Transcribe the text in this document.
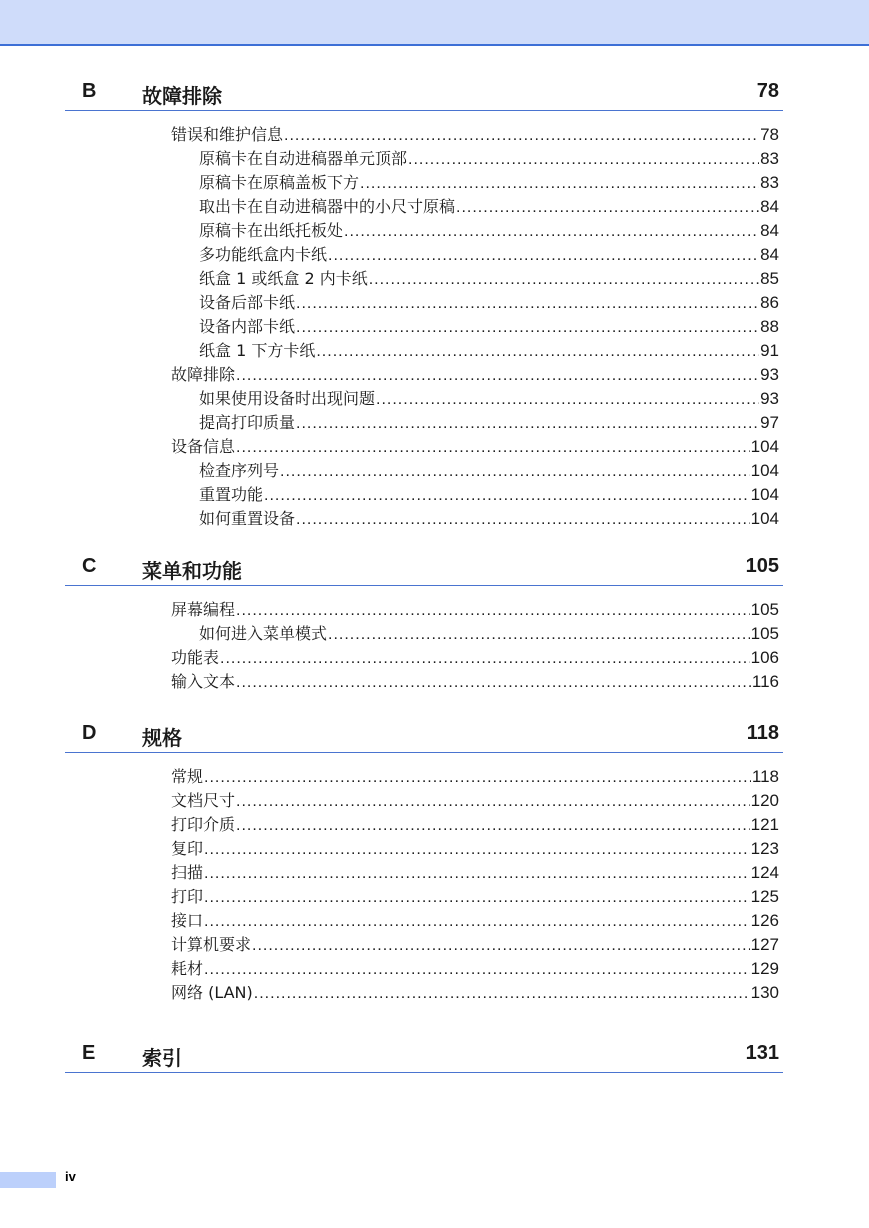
B 故障排除	78
错误和维护信息 .....	78
原稿卡在自动进稿器单元顶部 .....	83
原稿卡在原稿盖板下方 .....	83
取出卡在自动进稿器中的小尺寸原稿 .....	84
原稿卡在出纸托板处 .....	84
多功能纸盒内卡纸 .....	84
纸盒 1 或纸盒 2 内卡纸 .....	85
设备后部卡纸 .....	86
设备内部卡纸 .....	88
纸盒 1 下方卡纸 .....	91
故障排除 .....	93
如果使用设备时出现问题 .....	93
提高打印质量 .....	97
设备信息 .....	104
检查序列号 .....	104
重置功能 .....	104
如何重置设备 .....	104
C 菜单和功能	105
屏幕编程 .....	105
如何进入菜单模式 .....	105
功能表 .....	106
输入文本 .....	116
D 规格	118
常规 .....	118
文档尺寸 .....	120
打印介质 .....	121
复印 .....	123
扫描 .....	124
打印 .....	125
接口 .....	126
计算机要求 .....	127
耗材 .....	129
网络 (LAN) .....	130
E 索引	131
iv
